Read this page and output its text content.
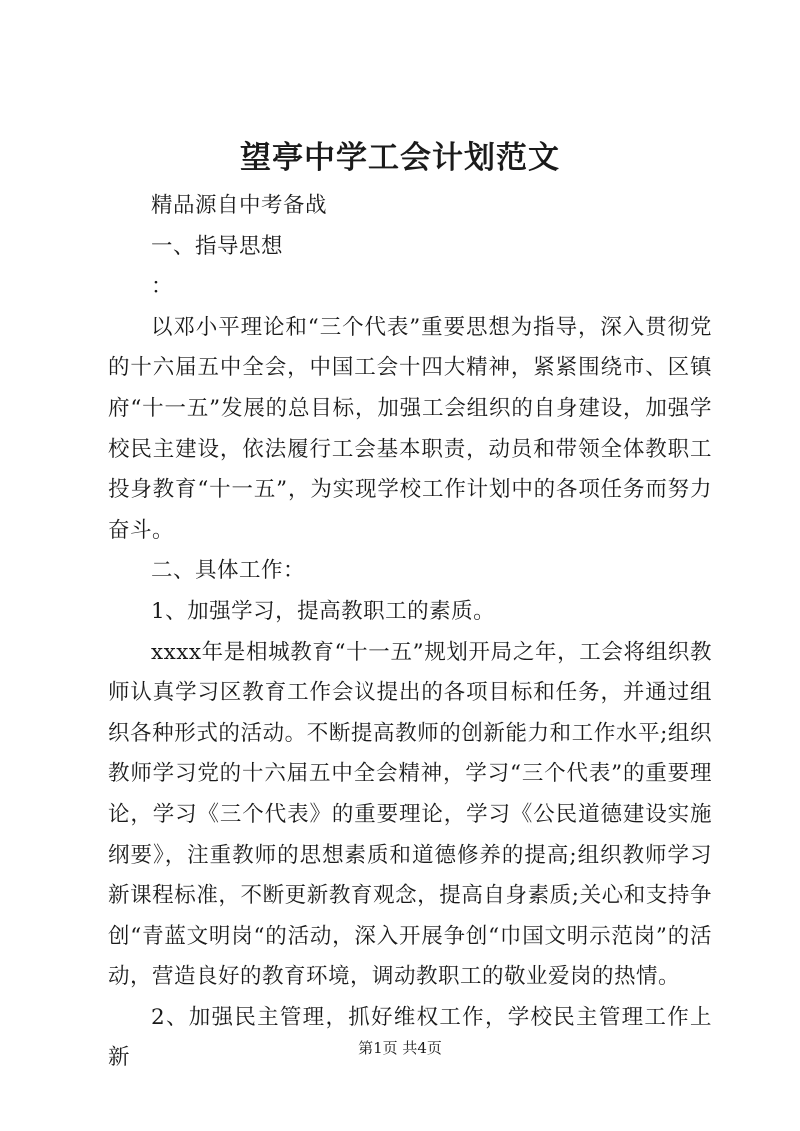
望亭中学工会计划范文

精品源自中考备战

一、指导思想

：

以邓小平理论和“三个代表”重要思想为指导，深入贯彻党的十六届五中全会，中国工会十四大精神，紧紧围绕市、区镇府“十一五”发展的总目标，加强工会组织的自身建设，加强学校民主建设，依法履行工会基本职责，动员和带领全体教职工投身教育“十一五”，为实现学校工作计划中的各项任务而努力奋斗。

二、具体工作：

1、加强学习，提高教职工的素质。

xxxx年是相城教育“十一五”规划开局之年，工会将组织教师认真学习区教育工作会议提出的各项目标和任务，并通过组织各种形式的活动。不断提高教师的创新能力和工作水平;组织教师学习党的十六届五中全会精神，学习“三个代表”的重要理论，学习《三个代表》的重要理论，学习《公民道德建设实施纲要》，注重教师的思想素质和道德修养的提高;组织教师学习新课程标准，不断更新教育观念，提高自身素质;关心和支持争创“青蓝文明岗“的活动，深入开展争创“巾国文明示范岗”的活动，营造良好的教育环境，调动教职工的敬业爱岗的热情。

2、加强民主管理，抓好维权工作，学校民主管理工作上新	第1页 共4页
